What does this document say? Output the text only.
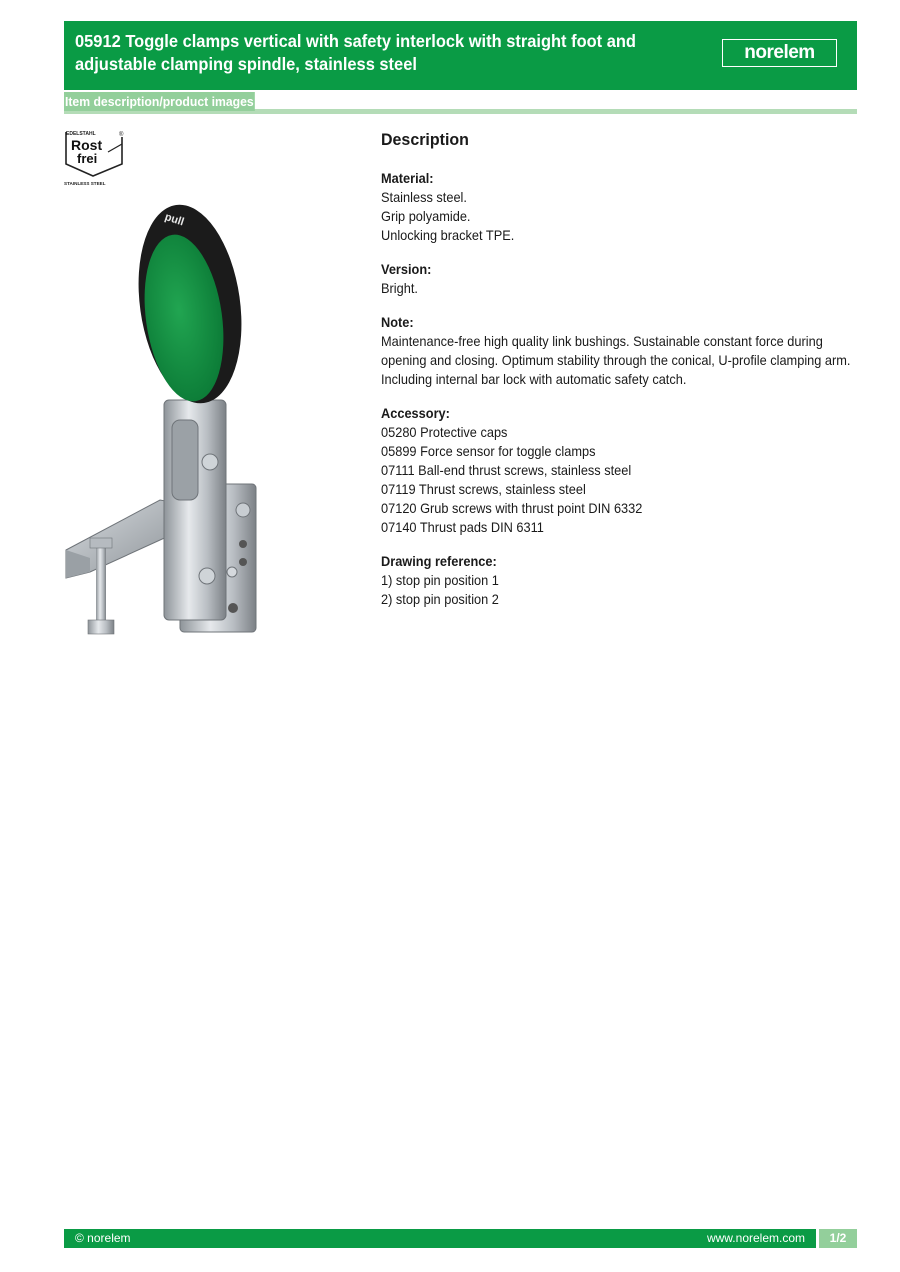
05912 Toggle clamps vertical with safety interlock with straight foot and adjustable clamping spindle, stainless steel
norelem
Item description/product images
EDELSTAHL	®
Rost
frei
STAINLESS STEEL
pull
Description
Material:
Stainless steel.
Grip polyamide.
Unlocking bracket TPE.
Version:
Bright.
Note:
Maintenance-free high quality link bushings. Sustainable constant force during opening and closing. Optimum stability through the conical, U-profile clamping arm. Including internal bar lock with automatic safety catch.
Accessory:
05280 Protective caps
05899 Force sensor for toggle clamps
07111 Ball-end thrust screws, stainless steel
07119 Thrust screws, stainless steel
07120 Grub screws with thrust point DIN 6332
07140 Thrust pads DIN 6311
Drawing reference:
1) stop pin position 1
2) stop pin position 2
© norelem	www.norelem.com	1/2
